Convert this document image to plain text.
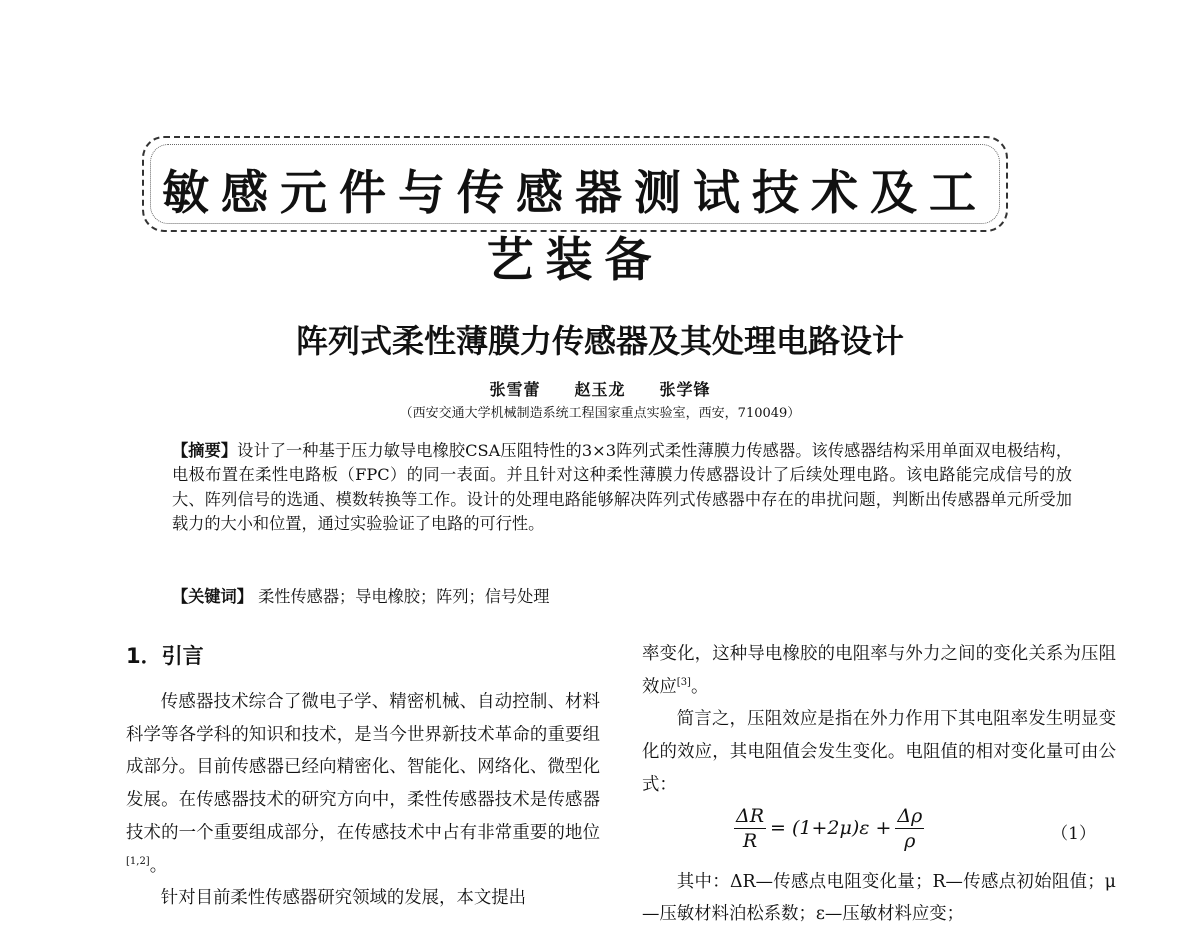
敏感元件与传感器测试技术及工艺装备
阵列式柔性薄膜力传感器及其处理电路设计
张雪蕾　　赵玉龙　　张学锋
（西安交通大学机械制造系统工程国家重点实验室，西安，710049）
【摘要】设计了一种基于压力敏导电橡胶CSA压阻特性的3×3阵列式柔性薄膜力传感器。该传感器结构采用单面双电极结构，电极布置在柔性电路板（FPC）的同一表面。并且针对这种柔性薄膜力传感器设计了后续处理电路。该电路能完成信号的放大、阵列信号的选通、模数转换等工作。设计的处理电路能够解决阵列式传感器中存在的串扰问题，判断出传感器单元所受加载力的大小和位置，通过实验验证了电路的可行性。
【关键词】 柔性传感器；导电橡胶；阵列；信号处理
1．引言

传感器技术综合了微电子学、精密机械、自动控制、材料科学等各学科的知识和技术，是当今世界新技术革命的重要组成部分。目前传感器已经向精密化、智能化、网络化、微型化发展。在传感器技术的研究方向中，柔性传感器技术是传感器技术的一个重要组成部分，在传感技术中占有非常重要的地位[1,2]。

针对目前柔性传感器研究领域的发展，本文提出

率变化，这种导电橡胶的电阻率与外力之间的变化关系为压阻效应[3]。

简言之，压阻效应是指在外力作用下其电阻率发生明显变化的效应，其电阻值会发生变化。电阻值的相对变化量可由公式：

$\frac{\Delta R}{R} = (1+2\mu)\varepsilon + \frac{\Delta\rho}{\rho}$	（1）

其中：ΔR—传感点电阻变化量；R—传感点初始阻值；μ—压敏材料泊松系数；ε—压敏材料应变；
